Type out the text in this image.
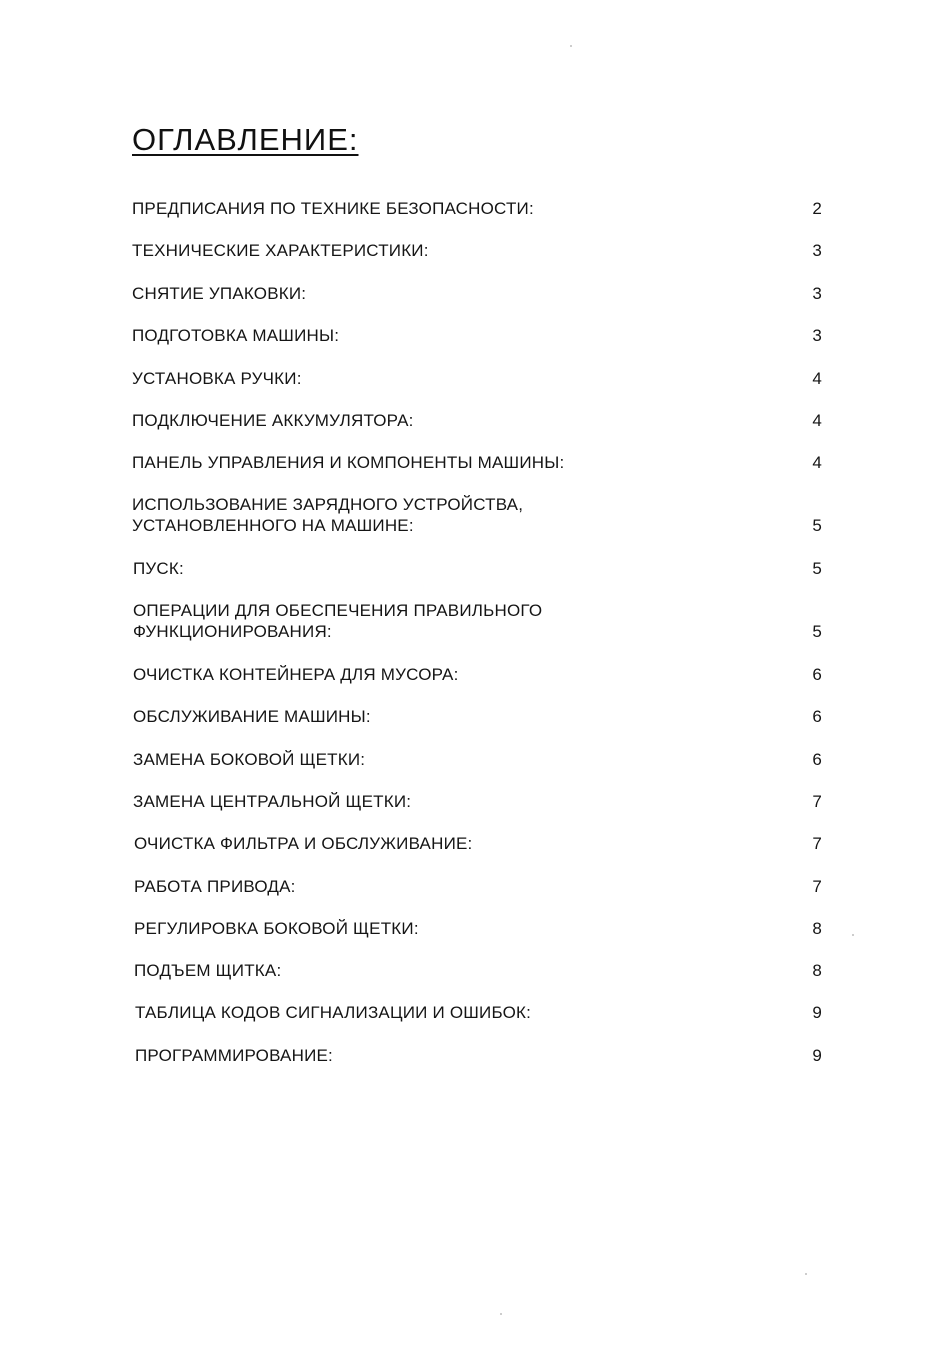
ОГЛАВЛЕНИЕ:
ПРЕДПИСАНИЯ ПО ТЕХНИКЕ БЕЗОПАСНОСТИ:	2
ТЕХНИЧЕСКИЕ ХАРАКТЕРИСТИКИ:	3
СНЯТИЕ УПАКОВКИ:	3
ПОДГОТОВКА МАШИНЫ:	3
УСТАНОВКА РУЧКИ:	4
ПОДКЛЮЧЕНИЕ АККУМУЛЯТОРА:	4
ПАНЕЛЬ УПРАВЛЕНИЯ И КОМПОНЕНТЫ МАШИНЫ:	4
ИСПОЛЬЗОВАНИЕ ЗАРЯДНОГО УСТРОЙСТВА,
УСТАНОВЛЕННОГО НА МАШИНЕ:	5
ПУСК:	5
ОПЕРАЦИИ ДЛЯ ОБЕСПЕЧЕНИЯ ПРАВИЛЬНОГО
ФУНКЦИОНИРОВАНИЯ:	5
ОЧИСТКА КОНТЕЙНЕРА ДЛЯ МУСОРА:	6
ОБСЛУЖИВАНИЕ МАШИНЫ:	6
ЗАМЕНА БОКОВОЙ ЩЕТКИ:	6
ЗАМЕНА ЦЕНТРАЛЬНОЙ ЩЕТКИ:	7
ОЧИСТКА ФИЛЬТРА И ОБСЛУЖИВАНИЕ:	7
РАБОТА ПРИВОДА:	7
РЕГУЛИРОВКА БОКОВОЙ ЩЕТКИ:	8
ПОДЪЕМ ЩИТКА:	8
ТАБЛИЦА КОДОВ СИГНАЛИЗАЦИИ И ОШИБОК:	9
ПРОГРАММИРОВАНИЕ:	9
